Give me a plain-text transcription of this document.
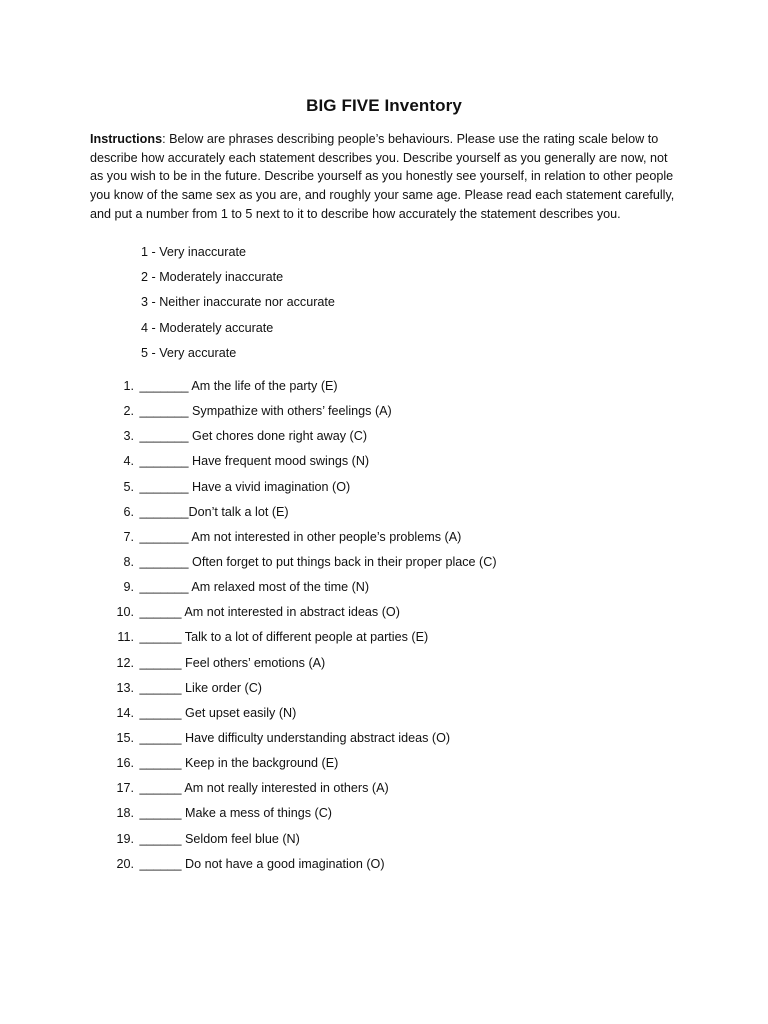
BIG FIVE Inventory
Instructions: Below are phrases describing people’s behaviours. Please use the rating scale below to describe how accurately each statement describes you. Describe yourself as you generally are now, not as you wish to be in the future. Describe yourself as you honestly see yourself, in relation to other people you know of the same sex as you are, and roughly your same age. Please read each statement carefully, and put a number from 1 to 5 next to it to describe how accurately the statement describes you.
1 - Very inaccurate
2 - Moderately inaccurate
3 - Neither inaccurate nor accurate
4 - Moderately accurate
5 - Very accurate
1. _______ Am the life of the party (E)
2. _______ Sympathize with others’ feelings (A)
3. _______ Get chores done right away (C)
4. _______ Have frequent mood swings (N)
5. _______ Have a vivid imagination (O)
6. _______Don’t talk a lot (E)
7. _______ Am not interested in other people’s problems (A)
8. _______ Often forget to put things back in their proper place (C)
9. _______ Am relaxed most of the time (N)
10. ______ Am not interested in abstract ideas (O)
11. ______ Talk to a lot of different people at parties (E)
12. ______ Feel others’ emotions (A)
13. ______ Like order (C)
14. ______ Get upset easily (N)
15. ______ Have difficulty understanding abstract ideas (O)
16. ______ Keep in the background (E)
17. ______ Am not really interested in others (A)
18. ______ Make a mess of things (C)
19. ______ Seldom feel blue (N)
20. ______ Do not have a good imagination (O)
